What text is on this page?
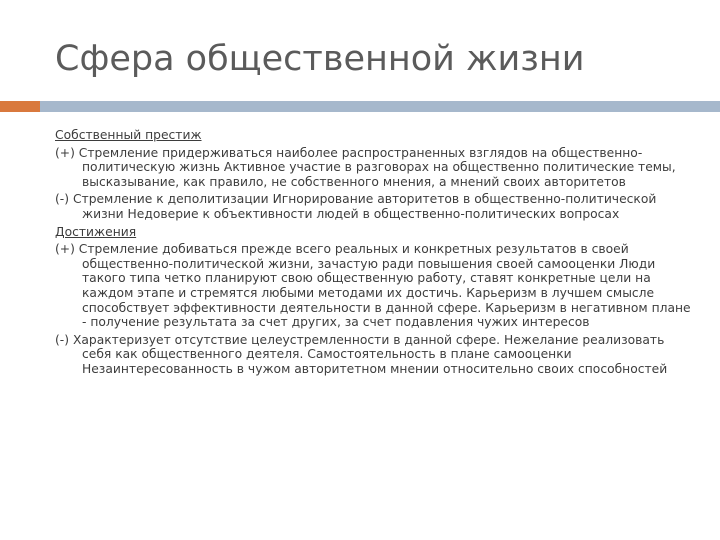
Сфера общественной жизни
Собственный престиж
(+) Стремление придерживаться наиболее распространенных взглядов на общественно-политическую жизнь Активное участие в разговорах на общественно политические темы, высказывание, как правило, не собственного мнения, а мнений своих авторитетов
(-) Стремление к деполитизации Игнорирование авторитетов в общественно-политической жизни Недоверие к объективности людей в общественно-политических вопросах
Достижения
(+) Стремление добиваться прежде всего реальных и конкретных результатов в своей общественно-политической жизни, зачастую ради повышения своей самооценки Люди такого типа четко планируют свою общественную работу, ставят конкретные цели на каждом этапе и стремятся любыми методами их достичь. Карьеризм в лучшем смысле способствует эффективности деятельности в данной сфере. Карьеризм в негативном плане - получение результата за счет других, за счет подавления чужих интересов
(-) Характеризует отсутствие целеустремленности в данной сфере. Нежелание реализовать себя как общественного деятеля. Самостоятельность в плане самооценки Незаинтересованность в чужом авторитетном мнении относительно своих способностей
